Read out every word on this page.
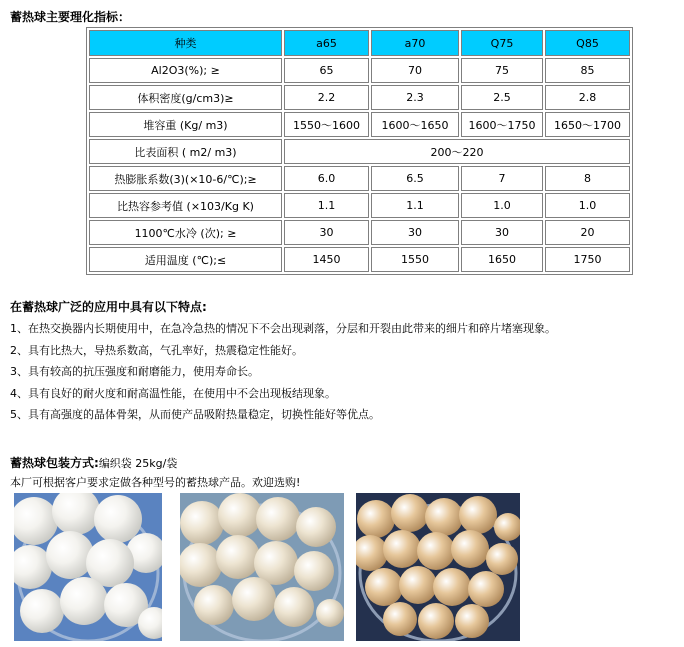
蓄热球主要理化指标：
种类	a65	a70	Q75	Q85
Al2O3(%); ≥	65	70	75	85
体积密度(g/cm3)≥	2.2	2.3	2.5	2.8
堆容重 (Kg/ m3)	1550～1600	1600～1650	1600～1750	1650～1700
比表面积 ( m2/ m3)	200～220			
热膨胀系数(3)(×10-6/℃);≥	6.0	6.5	7	8
比热容参考值 (×103/Kg K)	1.1	1.1	1.0	1.0
1100℃水冷 (次); ≥	30	30	30	20
适用温度 (℃);≤	1450	1550	1650	1750
在蓄热球广泛的应用中具有以下特点:
1、在热交换器内长期使用中，在急冷急热的情况下不会出现剥落，分层和开裂由此带来的细片和碎片堵塞现象。
2、具有比热大，导热系数高，气孔率好，热震稳定性能好。
3、具有较高的抗压强度和耐磨能力，使用寿命长。
4、具有良好的耐火度和耐高温性能，在使用中不会出现板结现象。
5、具有高强度的晶体骨架，从而使产品吸附热量稳定，切换性能好等优点。
蓄热球包装方式:编织袋 25kg/袋
本厂可根据客户要求定做各种型号的蓄热球产品。欢迎选购!
